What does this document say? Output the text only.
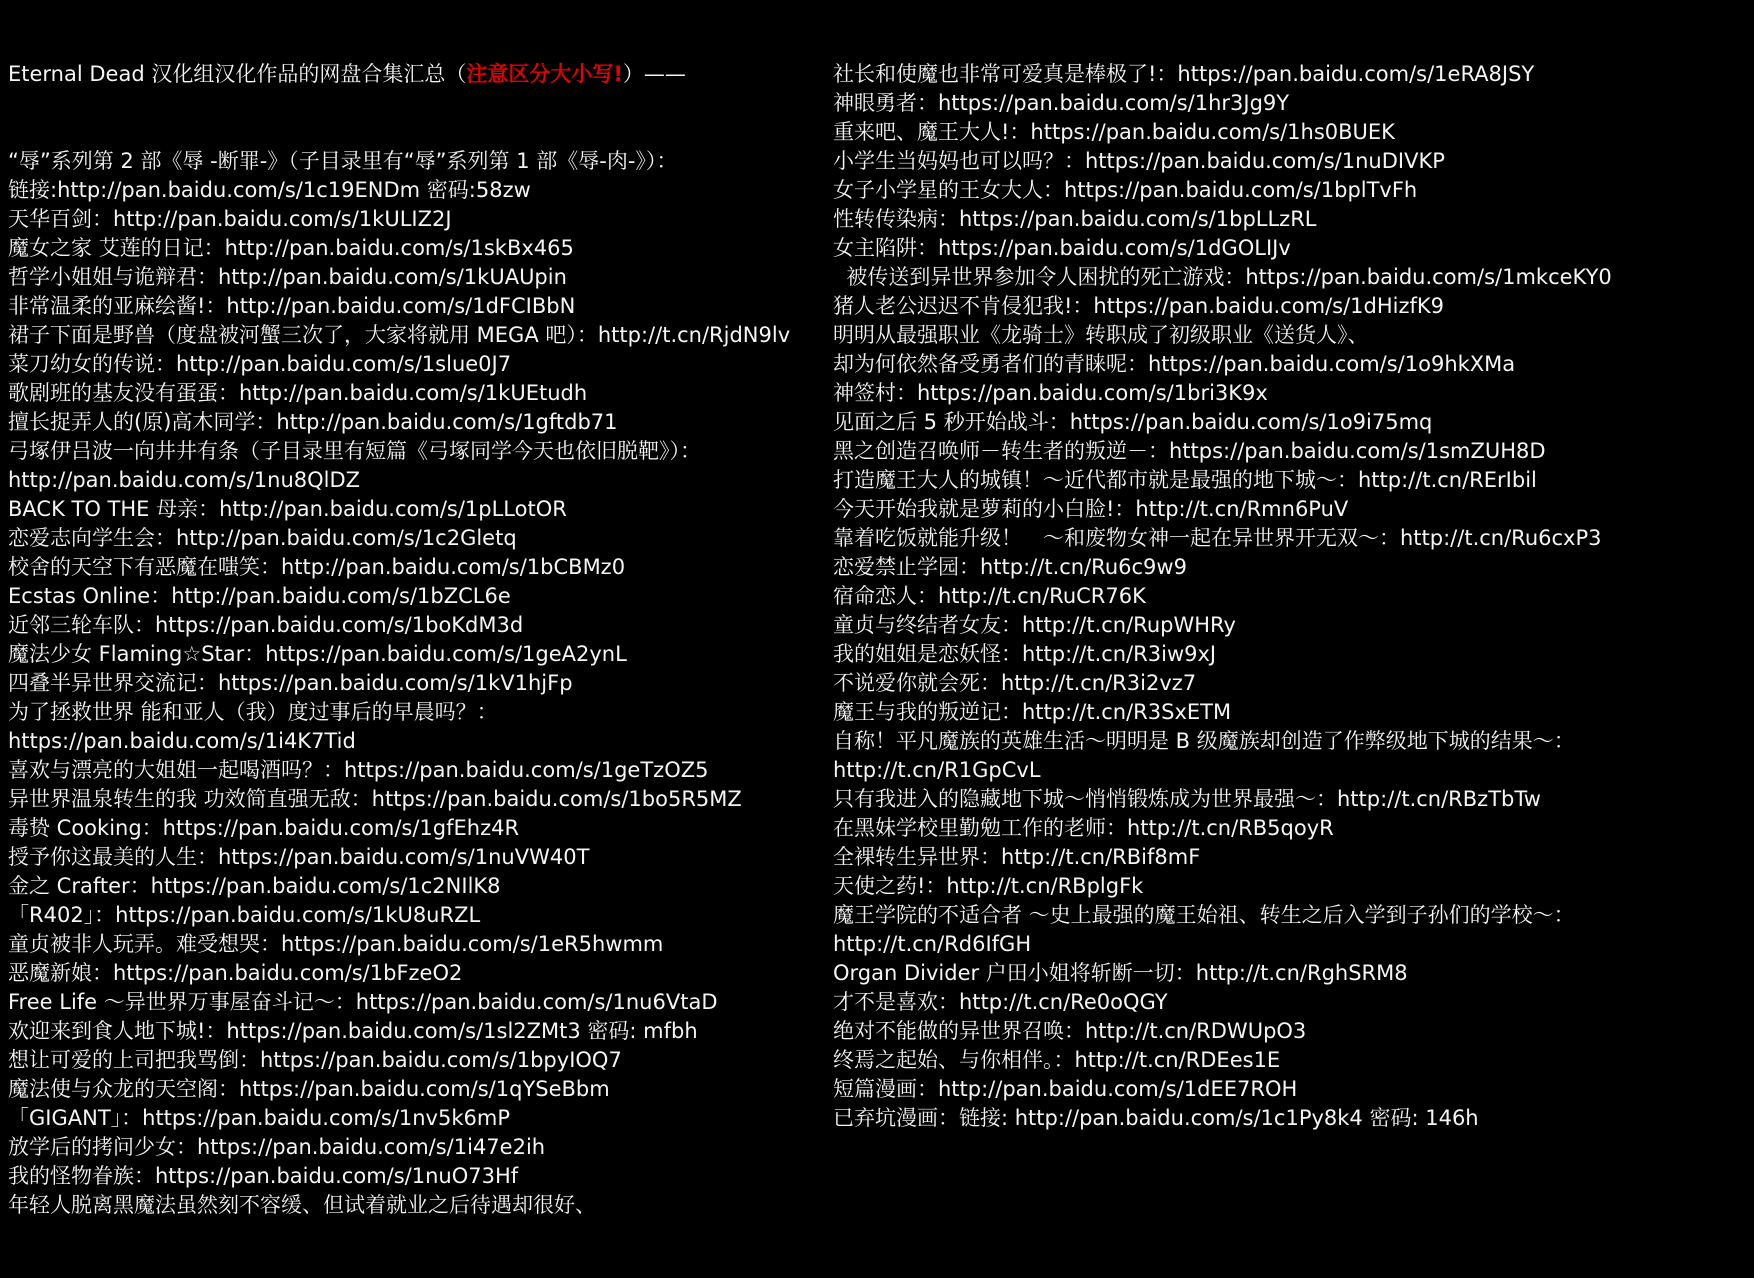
Eternal Dead 汉化组汉化作品的网盘合集汇总（注意区分大小写!）——

“辱”系列第 2 部《辱 -断罪-》（子目录里有“辱”系列第 1 部《辱-肉-》）：
链接:http://pan.baidu.com/s/1c19ENDm 密码:58zw
天华百剑：http://pan.baidu.com/s/1kULIZ2J
魔女之家 艾莲的日记：http://pan.baidu.com/s/1skBx465
哲学小姐姐与诡辩君：http://pan.baidu.com/s/1kUAUpin
非常温柔的亚麻绘酱!：http://pan.baidu.com/s/1dFCIBbN
裙子下面是野兽（度盘被河蟹三次了，大家将就用 MEGA 吧）：http://t.cn/RjdN9lv
菜刀幼女的传说：http://pan.baidu.com/s/1slue0J7
歌剧班的基友没有蛋蛋：http://pan.baidu.com/s/1kUEtudh
擅长捉弄人的(原)高木同学：http://pan.baidu.com/s/1gftdb71
弓塚伊吕波一向井井有条（子目录里有短篇《弓塚同学今天也依旧脱靶》）：
http://pan.baidu.com/s/1nu8QlDZ
BACK TO THE 母亲：http://pan.baidu.com/s/1pLLotOR
恋爱志向学生会：http://pan.baidu.com/s/1c2Gletq
校舍的天空下有恶魔在嗤笑：http://pan.baidu.com/s/1bCBMz0
Ecstas Online：http://pan.baidu.com/s/1bZCL6e
近邻三轮车队：https://pan.baidu.com/s/1boKdM3d
魔法少女 Flaming☆Star：https://pan.baidu.com/s/1geA2ynL
四叠半异世界交流记：https://pan.baidu.com/s/1kV1hjFp
为了拯救世界 能和亚人（我）度过事后的早晨吗？：
https://pan.baidu.com/s/1i4K7Tid
喜欢与漂亮的大姐姐一起喝酒吗？：https://pan.baidu.com/s/1geTzOZ5
异世界温泉转生的我 功效简直强无敌：https://pan.baidu.com/s/1bo5R5MZ
毒贽 Cooking：https://pan.baidu.com/s/1gfEhz4R
授予你这最美的人生：https://pan.baidu.com/s/1nuVW40T
金之 Crafter：https://pan.baidu.com/s/1c2NIlK8
「R402」：https://pan.baidu.com/s/1kU8uRZL
童贞被非人玩弄。难受想哭：https://pan.baidu.com/s/1eR5hwmm
恶魔新娘：https://pan.baidu.com/s/1bFzeO2
Free Life ～异世界万事屋奋斗记～：https://pan.baidu.com/s/1nu6VtaD
欢迎来到食人地下城!：https://pan.baidu.com/s/1sl2ZMt3 密码: mfbh
想让可爱的上司把我骂倒：https://pan.baidu.com/s/1bpyIOQ7
魔法使与众龙的天空阁：https://pan.baidu.com/s/1qYSeBbm
「GIGANT」：https://pan.baidu.com/s/1nv5k6mP
放学后的拷问少女：https://pan.baidu.com/s/1i47e2ih
我的怪物眷族：https://pan.baidu.com/s/1nuO73Hf
年轻人脱离黑魔法虽然刻不容缓、但试着就业之后待遇却很好、

社长和使魔也非常可爱真是棒极了!：https://pan.baidu.com/s/1eRA8JSY
神眼勇者：https://pan.baidu.com/s/1hr3Jg9Y
重来吧、魔王大人!：https://pan.baidu.com/s/1hs0BUEK
小学生当妈妈也可以吗？：https://pan.baidu.com/s/1nuDIVKP
女子小学星的王女大人：https://pan.baidu.com/s/1bplTvFh
性转传染病：https://pan.baidu.com/s/1bpLLzRL
女主陷阱：https://pan.baidu.com/s/1dGOLIJv
被传送到异世界参加令人困扰的死亡游戏：https://pan.baidu.com/s/1mkceKY0
猪人老公迟迟不肯侵犯我!：https://pan.baidu.com/s/1dHizfK9
明明从最强职业《龙骑士》转职成了初级职业《送货人》、
却为何依然备受勇者们的青睐呢：https://pan.baidu.com/s/1o9hkXMa
神签村：https://pan.baidu.com/s/1bri3K9x
见面之后 5 秒开始战斗：https://pan.baidu.com/s/1o9i75mq
黑之创造召唤师－转生者的叛逆－：https://pan.baidu.com/s/1smZUH8D
打造魔王大人的城镇！～近代都市就是最强的地下城～：http://t.cn/RErIbil
今天开始我就是萝莉的小白脸!：http://t.cn/Rmn6PuV
靠着吃饭就能升级！　～和废物女神一起在异世界开无双～：http://t.cn/Ru6cxP3
恋爱禁止学园：http://t.cn/Ru6c9w9
宿命恋人：http://t.cn/RuCR76K
童贞与终结者女友：http://t.cn/RupWHRy
我的姐姐是恋妖怪：http://t.cn/R3iw9xJ
不说爱你就会死：http://t.cn/R3i2vz7
魔王与我的叛逆记：http://t.cn/R3SxETM
自称！平凡魔族的英雄生活～明明是 B 级魔族却创造了作弊级地下城的结果～：
http://t.cn/R1GpCvL
只有我进入的隐藏地下城～悄悄锻炼成为世界最强～：http://t.cn/RBzTbTw
在黑妹学校里勤勉工作的老师：http://t.cn/RB5qoyR
全裸转生异世界：http://t.cn/RBif8mF
天使之药!：http://t.cn/RBplgFk
魔王学院的不适合者 ～史上最强的魔王始祖、转生之后入学到子孙们的学校～：
http://t.cn/Rd6IfGH
Organ Divider 户田小姐将斩断一切：http://t.cn/RghSRM8
才不是喜欢：http://t.cn/Re0oQGY
绝对不能做的异世界召唤：http://t.cn/RDWUpO3
终焉之起始、与你相伴。：http://t.cn/RDEes1E
短篇漫画：http://pan.baidu.com/s/1dEE7ROH
已弃坑漫画：链接: http://pan.baidu.com/s/1c1Py8k4 密码: 146h
